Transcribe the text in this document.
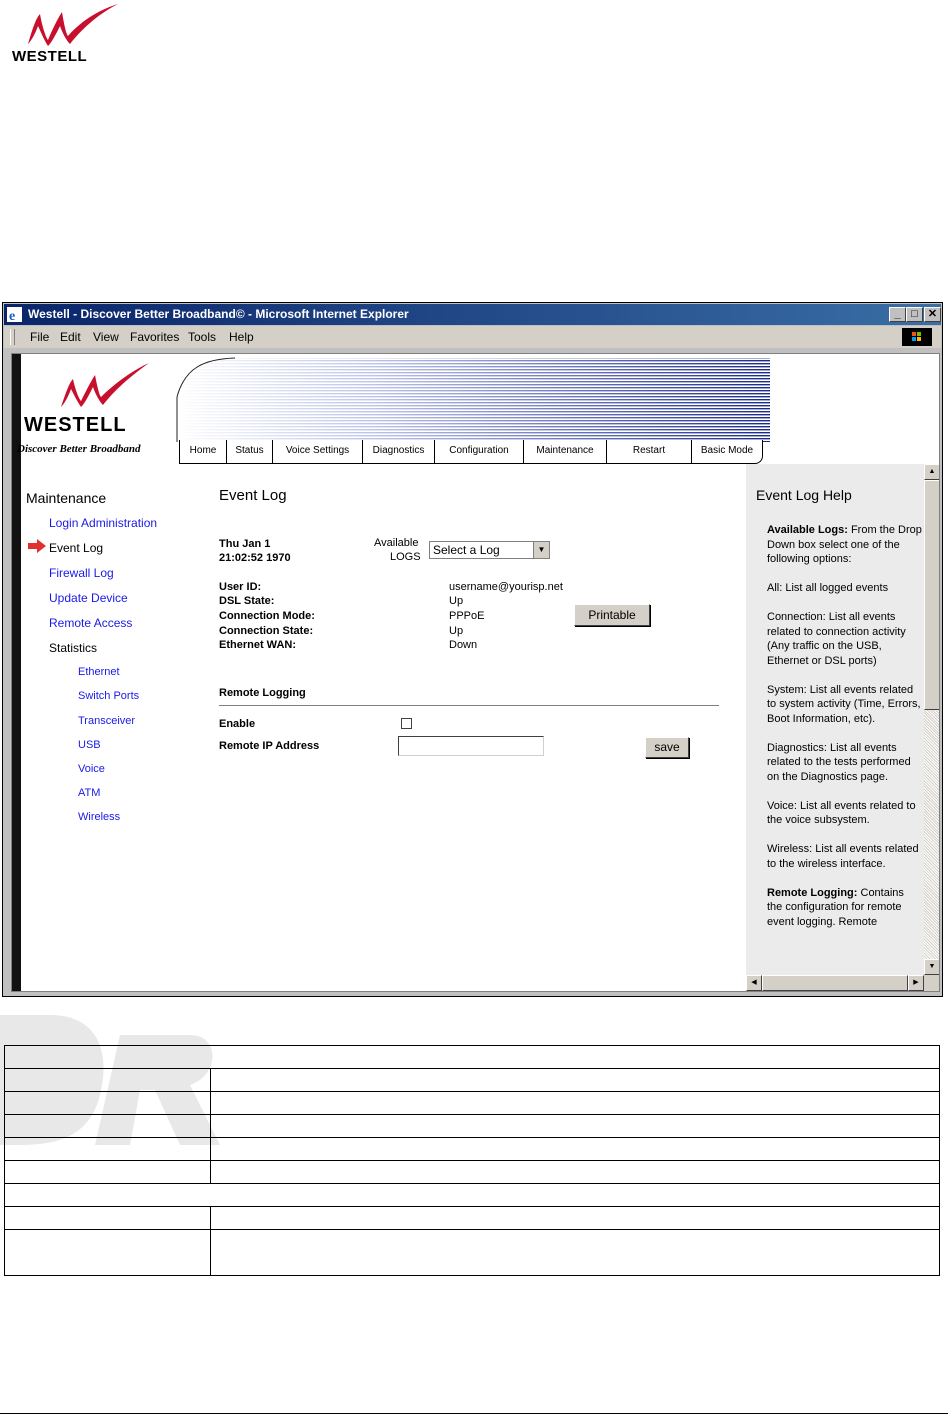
WESTELL
e Westell - Discover Better Broadband© - Microsoft Internet Explorer	_ □ ✕
File Edit View Favorites Tools Help
WESTELL
Discover Better Broadband	Home	Status	Voice Settings	Diagnostics	Configuration	Maintenance	Restart	Basic Mode
Maintenance
Login Administration
Event Log
Firewall Log
Update Device
Remote Access
Statistics
Ethernet
Switch Ports
Transceiver
USB
Voice
ATM
Wireless
Event Log
Thu Jan 1
21:02:52 1970
Available
LOGS	Select a Log	▼
User ID:	username@yourisp.net
DSL State:	Up
Connection Mode:	PPPoE
Connection State:	Up
Ethernet WAN:	Down
Printable
Remote Logging
Enable
Remote IP Address	save
Event Log Help

Available Logs: From the Drop Down box select one of the following options:

All: List all logged events

Connection: List all events related to connection activity (Any traffic on the USB, Ethernet or DSL ports)

System: List all events related to system activity (Time, Errors, Boot Information, etc).

Diagnostics: List all events related to the tests performed on the Diagnostics page.

Voice: List all events related to the voice subsystem.

Wireless: List all events related to the wireless interface.

Remote Logging: Contains the configuration for remote event logging. Remote

▲
▼
◀	▶
